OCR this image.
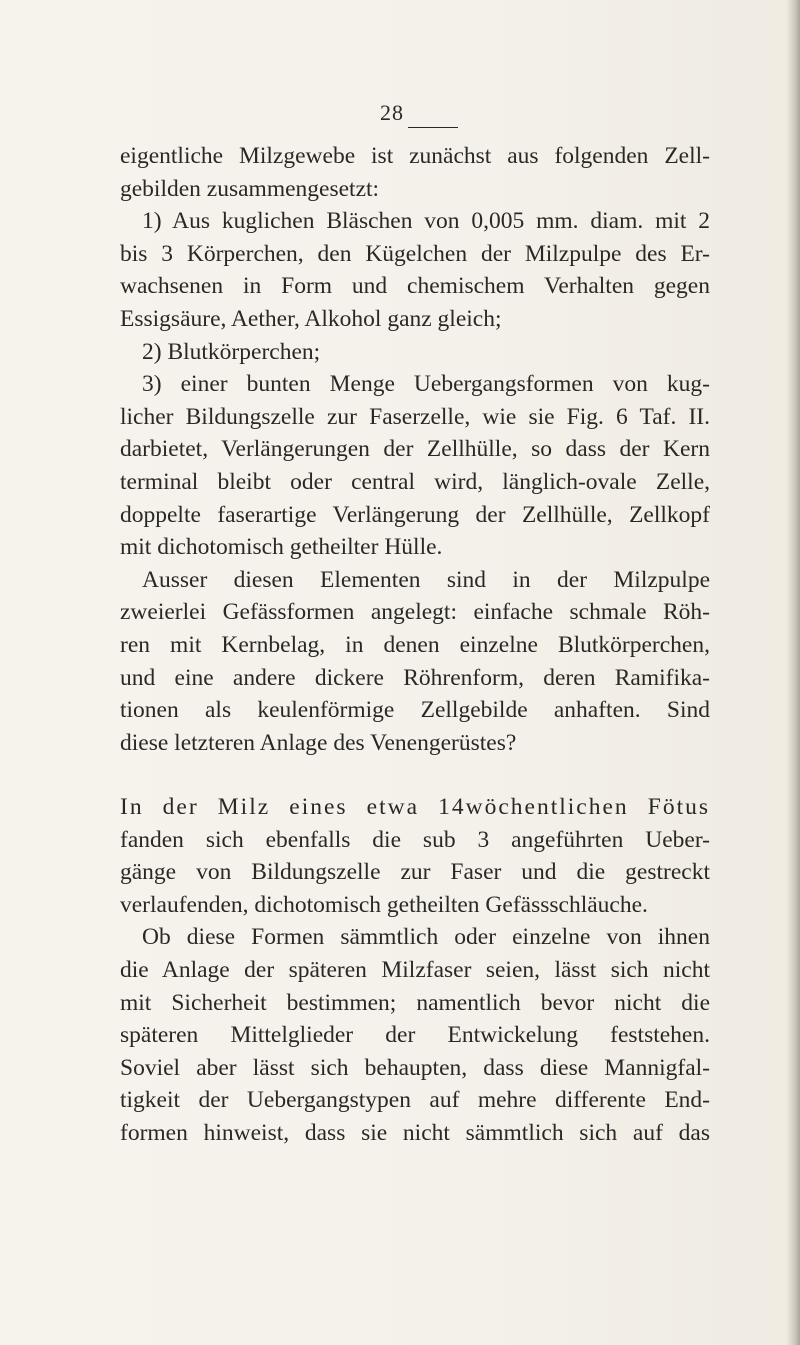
28
eigentliche Milzgewebe ist zunächst aus folgenden Zell-
gebilden zusammengesetzt:
1) Aus kuglichen Bläschen von 0,005 mm. diam. mit 2
bis 3 Körperchen, den Kügelchen der Milzpulpe des Er-
wachsenen in Form und chemischem Verhalten gegen
Essigsäure, Aether, Alkohol ganz gleich;
2) Blutkörperchen;
3) einer bunten Menge Uebergangsformen von kug-
licher Bildungszelle zur Faserzelle, wie sie Fig. 6 Taf. II.
darbietet, Verlängerungen der Zellhülle, so dass der Kern
terminal bleibt oder central wird, länglich-ovale Zelle,
doppelte faserartige Verlängerung der Zellhülle, Zellkopf
mit dichotomisch getheilter Hülle.
Ausser diesen Elementen sind in der Milzpulpe
zweierlei Gefässformen angelegt: einfache schmale Röh-
ren mit Kernbelag, in denen einzelne Blutkörperchen,
und eine andere dickere Röhrenform, deren Ramifika-
tionen als keulenförmige Zellgebilde anhaften. Sind
diese letzteren Anlage des Venengerüstes?
In der Milz eines etwa 14wöchentlichen Fötus
fanden sich ebenfalls die sub 3 angeführten Ueber-
gänge von Bildungszelle zur Faser und die gestreckt
verlaufenden, dichotomisch getheilten Gefässschläuche.
Ob diese Formen sämmtlich oder einzelne von ihnen
die Anlage der späteren Milzfaser seien, lässt sich nicht
mit Sicherheit bestimmen; namentlich bevor nicht die
späteren Mittelglieder der Entwickelung feststehen.
Soviel aber lässt sich behaupten, dass diese Mannigfal-
tigkeit der Uebergangstypen auf mehre differente End-
formen hinweist, dass sie nicht sämmtlich sich auf das
